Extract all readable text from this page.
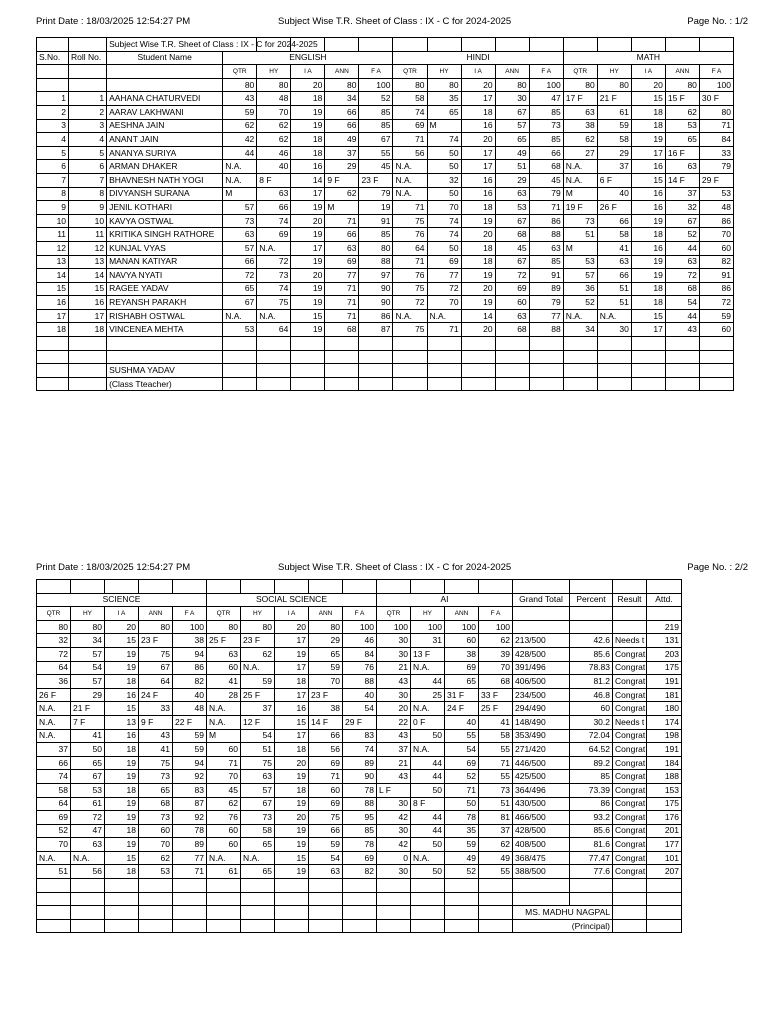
Print Date : 18/03/2025 12:54:27 PM	Subject Wise T.R. Sheet of Class : IX - C for 2024-2025	Page No. : 1/2
		Subject Wise T.R. Sheet of Class : IX - C for 2024-2025															
S.No.	Roll No.	Student Name	ENGLISH					HINDI					MATH				
			QTR	HY	I A	ANN	F A	QTR	HY	I A	ANN	F A	QTR	HY	I A	ANN	F A
			80	80	20	80	100	80	80	20	80	100	80	80	20	80	100
1	1	AAHANA CHATURVEDI	43	48	18	34	52	58	35	17	30	47	17 F	21 F	15	15 F	30 F
2	2	AARAV LAKHWANI	59	70	19	66	85	74	65	18	67	85	63	61	18	62	80
3	3	AESHNA JAIN	62	62	19	66	85	69	M	16	57	73	38	59	18	53	71
4	4	ANANT JAIN	42	62	18	49	67	71	74	20	65	85	62	58	19	65	84
5	5	ANANYA SURIYA	44	46	18	37	55	56	50	17	49	66	27	29	17	16 F	33
6	6	ARMAN DHAKER	N.A.	40	16	29	45	N.A.	50	17	51	68	N.A.	37	16	63	79
7	7	BHAVNESH NATH YOGI	N.A.	8 F	14	9 F	23 F	N.A.	32	16	29	45	N.A.	6 F	15	14 F	29 F
8	8	DIVYANSH SURANA	M	63	17	62	79	N.A.	50	16	63	79	M	40	16	37	53
9	9	JENIL KOTHARI	57	66	19	M	19	71	70	18	53	71	19 F	26 F	16	32	48
10	10	KAVYA OSTWAL	73	74	20	71	91	75	74	19	67	86	73	66	19	67	86
11	11	KRITIKA SINGH RATHORE	63	69	19	66	85	76	74	20	68	88	51	58	18	52	70
12	12	KUNJAL VYAS	57	N.A.	17	63	80	64	50	18	45	63	M	41	16	44	60
13	13	MANAN KATIYAR	66	72	19	69	88	71	69	18	67	85	53	63	19	63	82
14	14	NAVYA NYATI	72	73	20	77	97	76	77	19	72	91	57	66	19	72	91
15	15	RAGEE YADAV	65	74	19	71	90	75	72	20	69	89	36	51	18	68	86
16	16	REYANSH PARAKH	67	75	19	71	90	72	70	19	60	79	52	51	18	54	72
17	17	RISHABH OSTWAL	N.A.	N.A.	15	71	86	N.A.	N.A.	14	63	77	N.A.	N.A.	15	44	59
18	18	VINCENEA MEHTA	53	64	19	68	87	75	71	20	68	88	34	30	17	43	60

		SUSHMA YADAV															
		(Class Tteacher)															
Print Date : 18/03/2025 12:54:27 PM	Subject Wise T.R. Sheet of Class : IX - C for 2024-2025	Page No. : 2/2

SCIENCE					SOCIAL SCIENCE					AI				Grand Total	Percent	Result	Attd.
QTR	HY	I A	ANN	F A	QTR	HY	I A	ANN	F A	QTR	HY	ANN	F A				
80	80	20	80	100	80	80	20	80	100	100	100	100	100				219
32	34	15	23 F	38	25 F	23 F	17	29	46	30	31	60	62	213/500	42.6	Needs t	131
72	57	19	75	94	63	62	19	65	84	30	13 F	38	39	428/500	85.6	Congrat	203
64	54	19	67	86	60	N.A.	17	59	76	21	N.A.	69	70	391/496	78.83	Congrat	175
36	57	18	64	82	41	59	18	70	88	43	44	65	68	406/500	81.2	Congrat	191
26 F	29	16	24 F	40	28	25 F	17	23 F	40	30	25	31 F	33 F	234/500	46.8	Congrat	181
N.A.	21 F	15	33	48	N.A.	37	16	38	54	20	N.A.	24 F	25 F	294/490	60	Congrat	180
N.A.	7 F	13	9 F	22 F	N.A.	12 F	15	14 F	29 F	22	0 F	40	41	148/490	30.2	Needs t	174
N.A.	41	16	43	59	M	54	17	66	83	43	50	55	58	353/490	72.04	Congrat	198
37	50	18	41	59	60	51	18	56	74	37	N.A.	54	55	271/420	64.52	Congrat	191
66	65	19	75	94	71	75	20	69	89	21	44	69	71	446/500	89.2	Congrat	184
74	67	19	73	92	70	63	19	71	90	43	44	52	55	425/500	85	Congrat	188
58	53	18	65	83	45	57	18	60	78	L F	50	71	73	364/496	73.39	Congrat	153
64	61	19	68	87	62	67	19	69	88	30	8 F	50	51	430/500	86	Congrat	175
69	72	19	73	92	76	73	20	75	95	42	44	78	81	466/500	93.2	Congrat	176
52	47	18	60	78	60	58	19	66	85	30	44	35	37	428/500	85.6	Congrat	201
70	63	19	70	89	60	65	19	59	78	42	50	59	62	408/500	81.6	Congrat	177
N.A.	N.A.	15	62	77	N.A.	N.A.	15	54	69	0	N.A.	49	49	368/475	77.47	Congrat	101
51	56	18	53	71	61	65	19	63	82	30	50	52	55	388/500	77.6	Congrat	207

														MS. MADHU NAGPAL			
														(Principal)			
